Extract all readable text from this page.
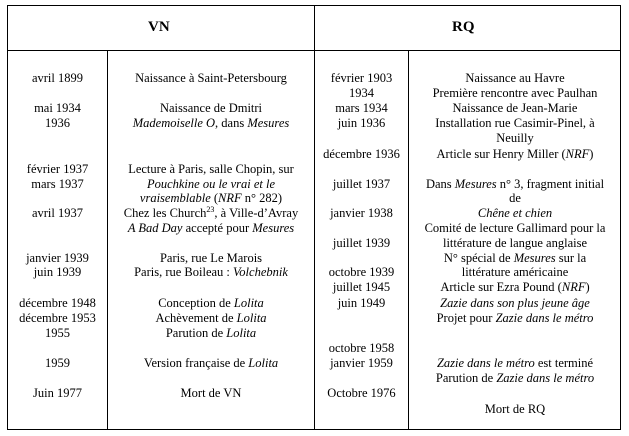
VN	RQ
avril 1899
mai 1934
1936
février 1937
mars 1937
avril 1937
janvier 1939
juin 1939
décembre 1948
décembre 1953
1955
1959
Juin 1977
Naissance à Saint-Petersbourg
Naissance de Dmitri
Mademoiselle O, dans Mesures
Lecture à Paris, salle Chopin, sur
Pouchkine ou le vrai et le
vraisemblable (NRF n° 282)
Chez les Church$^{23}$, à Ville-d’Avray
A Bad Day accepté pour Mesures
Paris, rue Le Marois
Paris, rue Boileau : Volchebnik
Conception de Lolita
Achèvement de Lolita
Parution de Lolita
Version française de Lolita
Mort de VN
février 1903
1934
mars 1934
juin 1936
décembre 1936
juillet 1937
janvier 1938
juillet 1939
octobre 1939
juillet 1945
juin 1949
octobre 1958
janvier 1959
Octobre 1976
Naissance au Havre
Première rencontre avec Paulhan
Naissance de Jean-Marie
Installation rue Casimir-Pinel, à
Neuilly
Article sur Henry Miller (NRF)
Dans Mesures n° 3, fragment initial
de
Chêne et chien
Comité de lecture Gallimard pour la
littérature de langue anglaise
N° spécial de Mesures sur la
littérature américaine
Article sur Ezra Pound (NRF)
Zazie dans son plus jeune âge
Projet pour Zazie dans le métro
Zazie dans le métro est terminé
Parution de Zazie dans le métro
Mort de RQ
